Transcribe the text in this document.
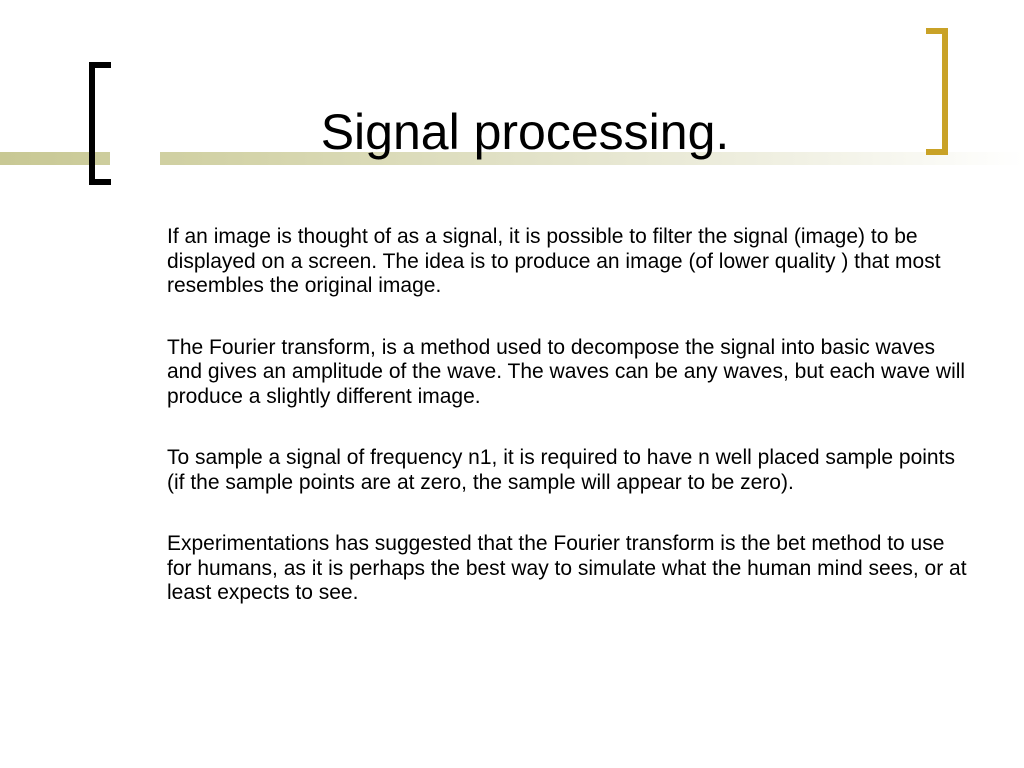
Signal processing.

If an image is thought of as a signal, it is possible to filter the signal (image) to be displayed on a screen. The idea is to produce an image (of lower quality ) that most resembles the original image.

The Fourier transform, is a method used to decompose the signal into basic waves and gives an amplitude of the wave. The waves can be any waves, but each wave will produce a slightly different image.

To sample a signal of frequency n1, it is required to have n well placed sample points (if the sample points are at zero, the sample will appear to be zero).

Experimentations has suggested that the Fourier transform is the bet method to use for humans, as it is perhaps the best way to simulate what the human mind sees, or at least expects to see.
